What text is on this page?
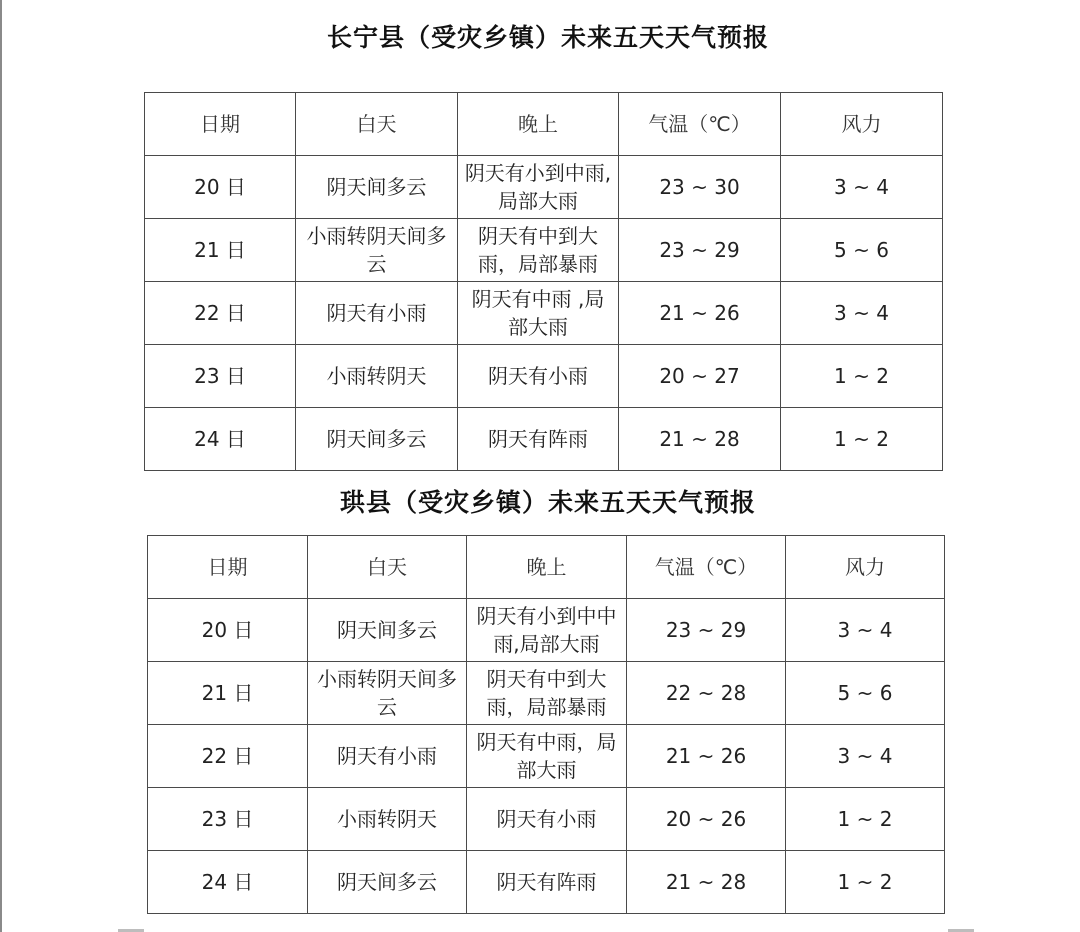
长宁县（受灾乡镇）未来五天天气预报
日期	白天	晚上	气温（℃）	风力
20 日	阴天间多云	阴天有小到中雨,局部大雨	23 ~ 30	3 ~ 4
21 日	小雨转阴天间多云	阴天有中到大雨，局部暴雨	23 ~ 29	5 ~ 6
22 日	阴天有小雨	阴天有中雨 ,局部大雨	21 ~ 26	3 ~ 4
23 日	小雨转阴天	阴天有小雨	20 ~ 27	1 ~ 2
24 日	阴天间多云	阴天有阵雨	21 ~ 28	1 ~ 2
珙县（受灾乡镇）未来五天天气预报
日期	白天	晚上	气温（℃）	风力
20 日	阴天间多云	阴天有小到中中雨,局部大雨	23 ~ 29	3 ~ 4
21 日	小雨转阴天间多云	阴天有中到大雨，局部暴雨	22 ~ 28	5 ~ 6
22 日	阴天有小雨	阴天有中雨，局部大雨	21 ~ 26	3 ~ 4
23 日	小雨转阴天	阴天有小雨	20 ~ 26	1 ~ 2
24 日	阴天间多云	阴天有阵雨	21 ~ 28	1 ~ 2
